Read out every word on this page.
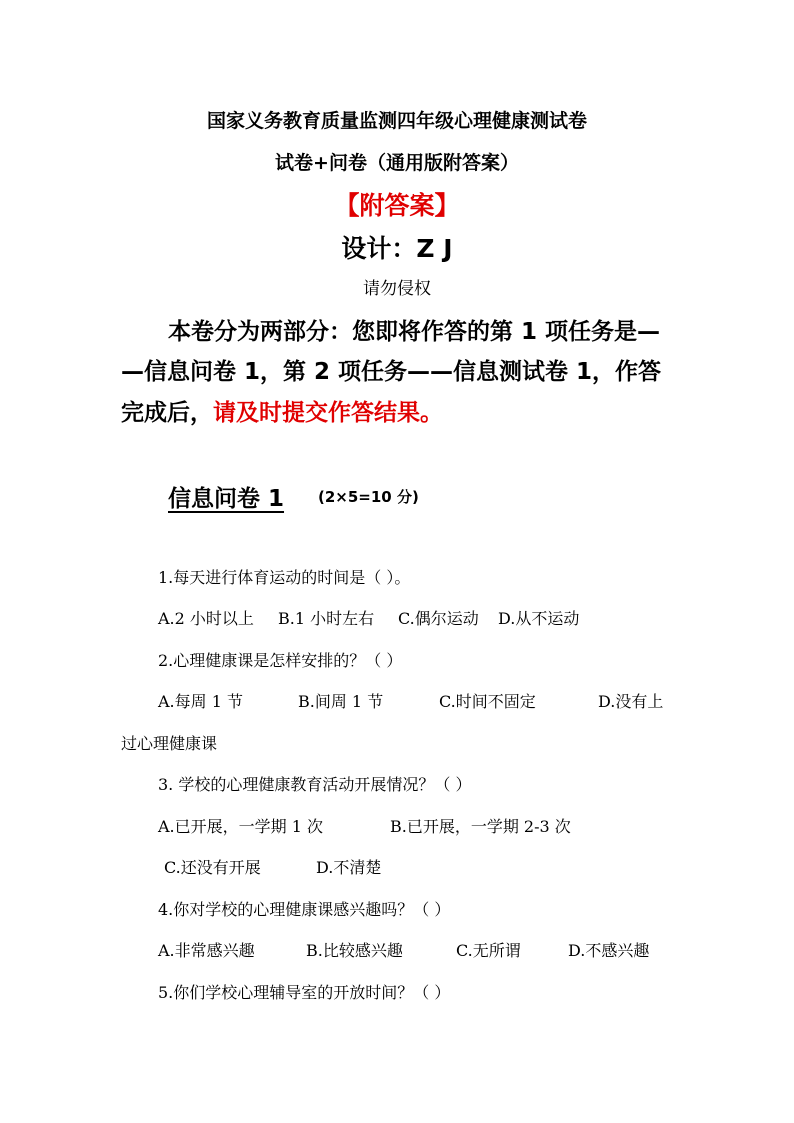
国家义务教育质量监测四年级心理健康测试卷
试卷+问卷（通用版附答案）
【附答案】
设计：Z J
请勿侵权
本卷分为两部分：您即将作答的第 1 项任务是—
—信息问卷 1，第 2 项任务——信息测试卷 1，作答
完成后，请及时提交作答结果。
信息问卷 1 (2×5=10 分)
1.每天进行体育运动的时间是（ ）。
A.2 小时以上 B.1 小时左右 C.偶尔运动 D.从不运动
2.心理健康课是怎样安排的？（ ）
A.每周 1 节	B.间周 1 节	C.时间不固定	D.没有上
过心理健康课
3. 学校的心理健康教育活动开展情况？（ ）
A.已开展，一学期 1 次	B.已开展，一学期 2-3 次
C.还没有开展	D.不清楚
4.你对学校的心理健康课感兴趣吗？（ ）
A.非常感兴趣	B.比较感兴趣	C.无所谓	D.不感兴趣
5.你们学校心理辅导室的开放时间？（ ）
